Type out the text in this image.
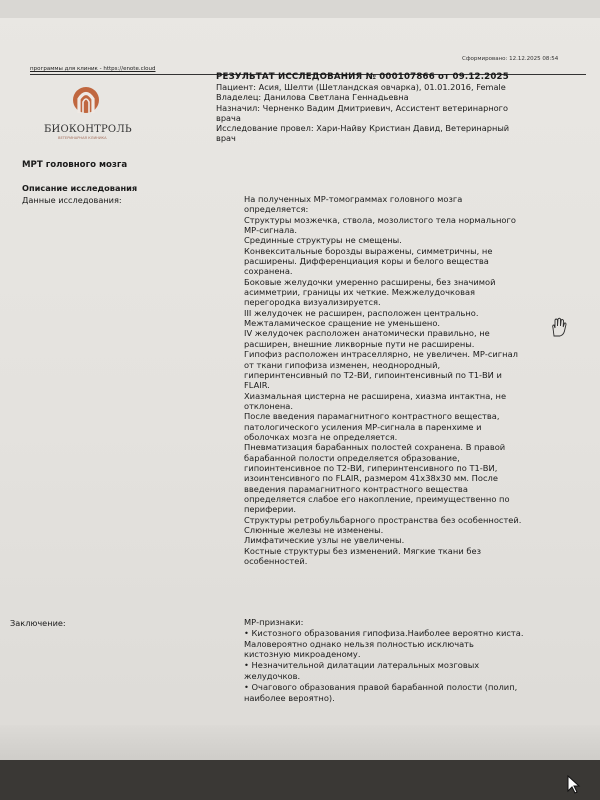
Сформировано: 12.12.2025 08:54
программы для клиник - https://enote.cloud
БИОКОНТРОЛЬ
ВЕТЕРИНАРНАЯ КЛИНИКА
РЕЗУЛЬТАТ ИССЛЕДОВАНИЯ № 000107866 от 09.12.2025
Пациент: Асия, Шелти (Шетландская овчарка), 01.01.2016, Female
Владелец: Данилова Светлана Геннадьевна
Назначил: Черненко Вадим Дмитриевич, Ассистент ветеринарного
врача
Исследование провел: Хари-Найву Кристиан Давид, Ветеринарный
врач
МРТ головного мозга
Описание исследования
Данные исследования:	На полученных МР-томограммах головного мозга
определяется:
Структуры мозжечка, ствола, мозолистого тела нормального
МР-сигнала.
Срединные структуры не смещены.
Конвекситальные борозды выражены, симметричны, не
расширены. Дифференциация коры и белого вещества
сохранена.
Боковые желудочки умеренно расширены, без значимой
асимметрии, границы их четкие. Межжелудочковая
перегородка визуализируется.
III желудочек не расширен, расположен центрально.
Межталамическое сращение не уменьшено.
IV желудочек расположен анатомически правильно, не
расширен, внешние ликворные пути не расширены.
Гипофиз расположен интраселлярно, не увеличен. МР-сигнал
от ткани гипофиза изменен, неоднородный,
гиперинтенсивный по T2-ВИ, гипоинтенсивный по T1-ВИ и
FLAIR.
Хиазмальная цистерна не расширена, хиазма интактна, не
отклонена.
После введения парамагнитного контрастного вещества,
патологического усиления МР-сигнала в паренхиме и
оболочках мозга не определяется.
Пневматизация барабанных полостей сохранена. В правой
барабанной полости определяется образование,
гипоинтенсивное по T2-ВИ, гиперинтенсивного по T1-ВИ,
изоинтенсивного по FLAIR, размером 41x38x30 мм. После
введения парамагнитного контрастного вещества
определяется слабое его накопление, преимущественно по
периферии.
Структуры ретробульбарного пространства без особенностей.
Слюнные железы не изменены.
Лимфатические узлы не увеличены.
Костные структуры без изменений. Мягкие ткани без
особенностей.
Заключение:	МР-признаки:
• Кистозного образования гипофиза.Наиболее вероятно киста.
Маловероятно однако нельзя полностью исключать
кистозную микроаденому.
• Незначительной дилатации латеральных мозговых
желудочков.
• Очагового образования правой барабанной полости (полип,
наиболее вероятно).
